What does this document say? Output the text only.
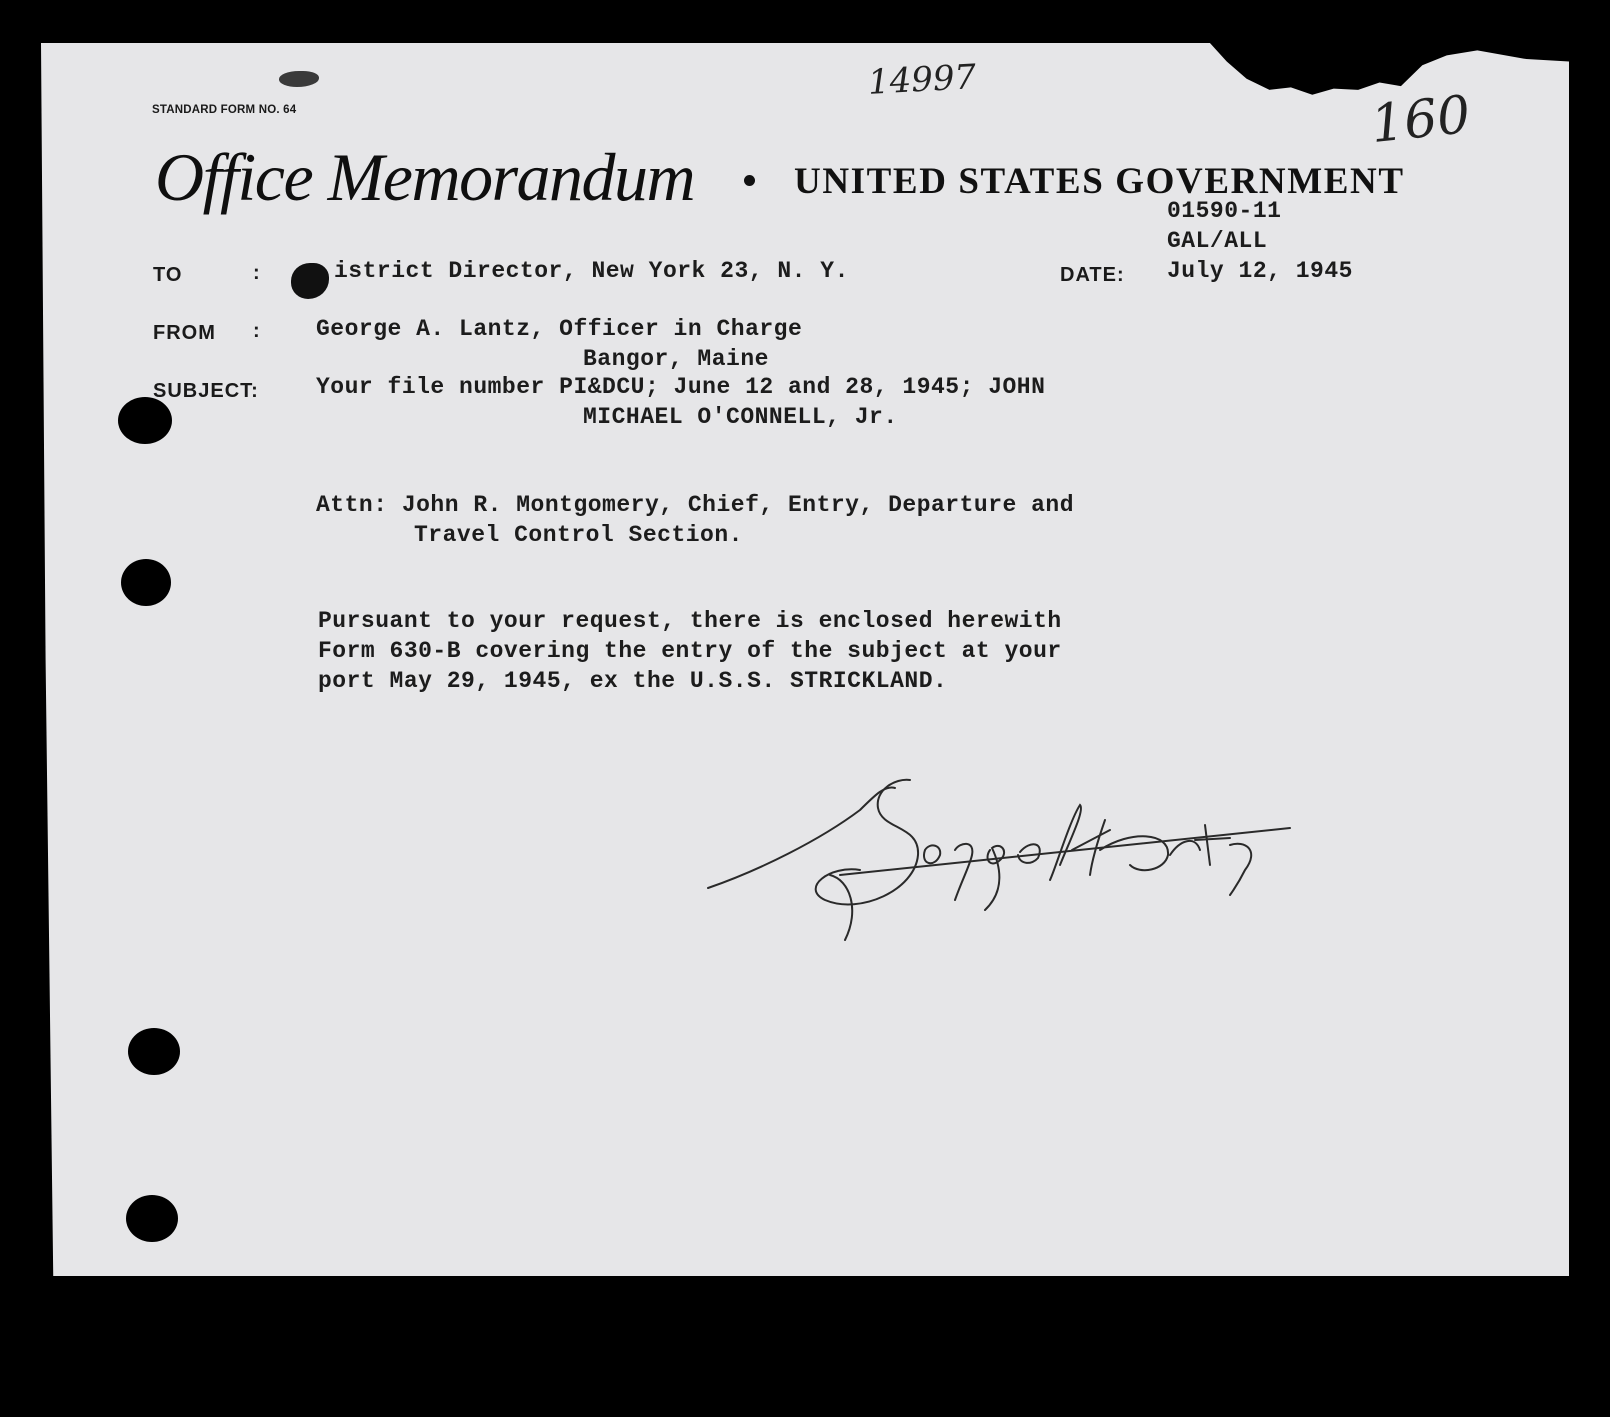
STANDARD FORM NO. 64
Office Memorandum	UNITED STATES GOVERNMENT
14997
160
01590-11
GAL/ALL
TO	:	istrict Director, New York 23, N. Y.	DATE: July 12, 1945
FROM : George A. Lantz, Officer in Charge
Bangor, Maine
SUBJECT: Your file number PI&DCU; June 12 and 28, 1945; JOHN
MICHAEL O'CONNELL, Jr.
Attn: John R. Montgomery, Chief, Entry, Departure and
Travel Control Section.
Pursuant to your request, there is enclosed herewith
Form 630-B covering the entry of the subject at your
port May 29, 1945, ex the U.S.S. STRICKLAND.
